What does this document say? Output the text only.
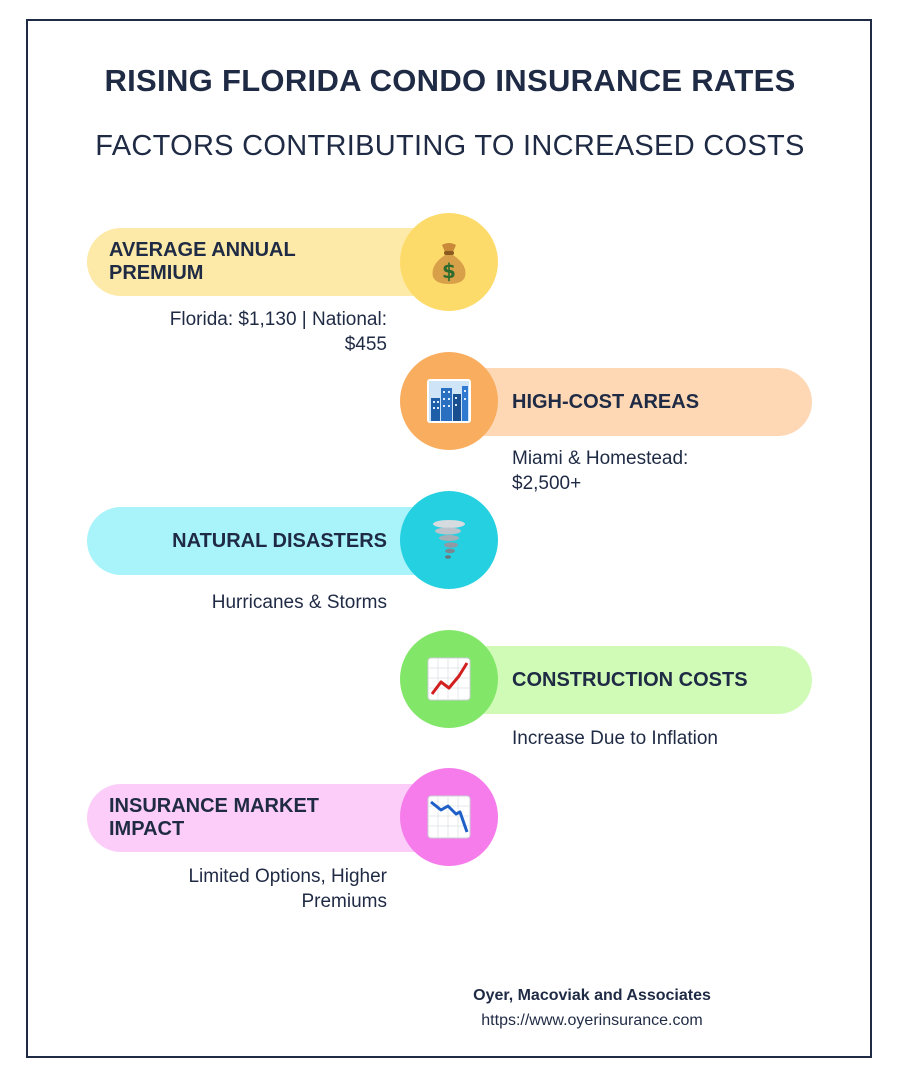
RISING FLORIDA CONDO INSURANCE RATES
FACTORS CONTRIBUTING TO INCREASED COSTS
AVERAGE ANNUAL PREMIUM	$
Florida: $1,130 | National: $455
HIGH-COST AREAS
Miami & Homestead: $2,500+
NATURAL DISASTERS
Hurricanes & Storms
CONSTRUCTION COSTS
Increase Due to Inflation
INSURANCE MARKET IMPACT
Limited Options, Higher Premiums
Oyer, Macoviak and Associates
https://www.oyerinsurance.com
